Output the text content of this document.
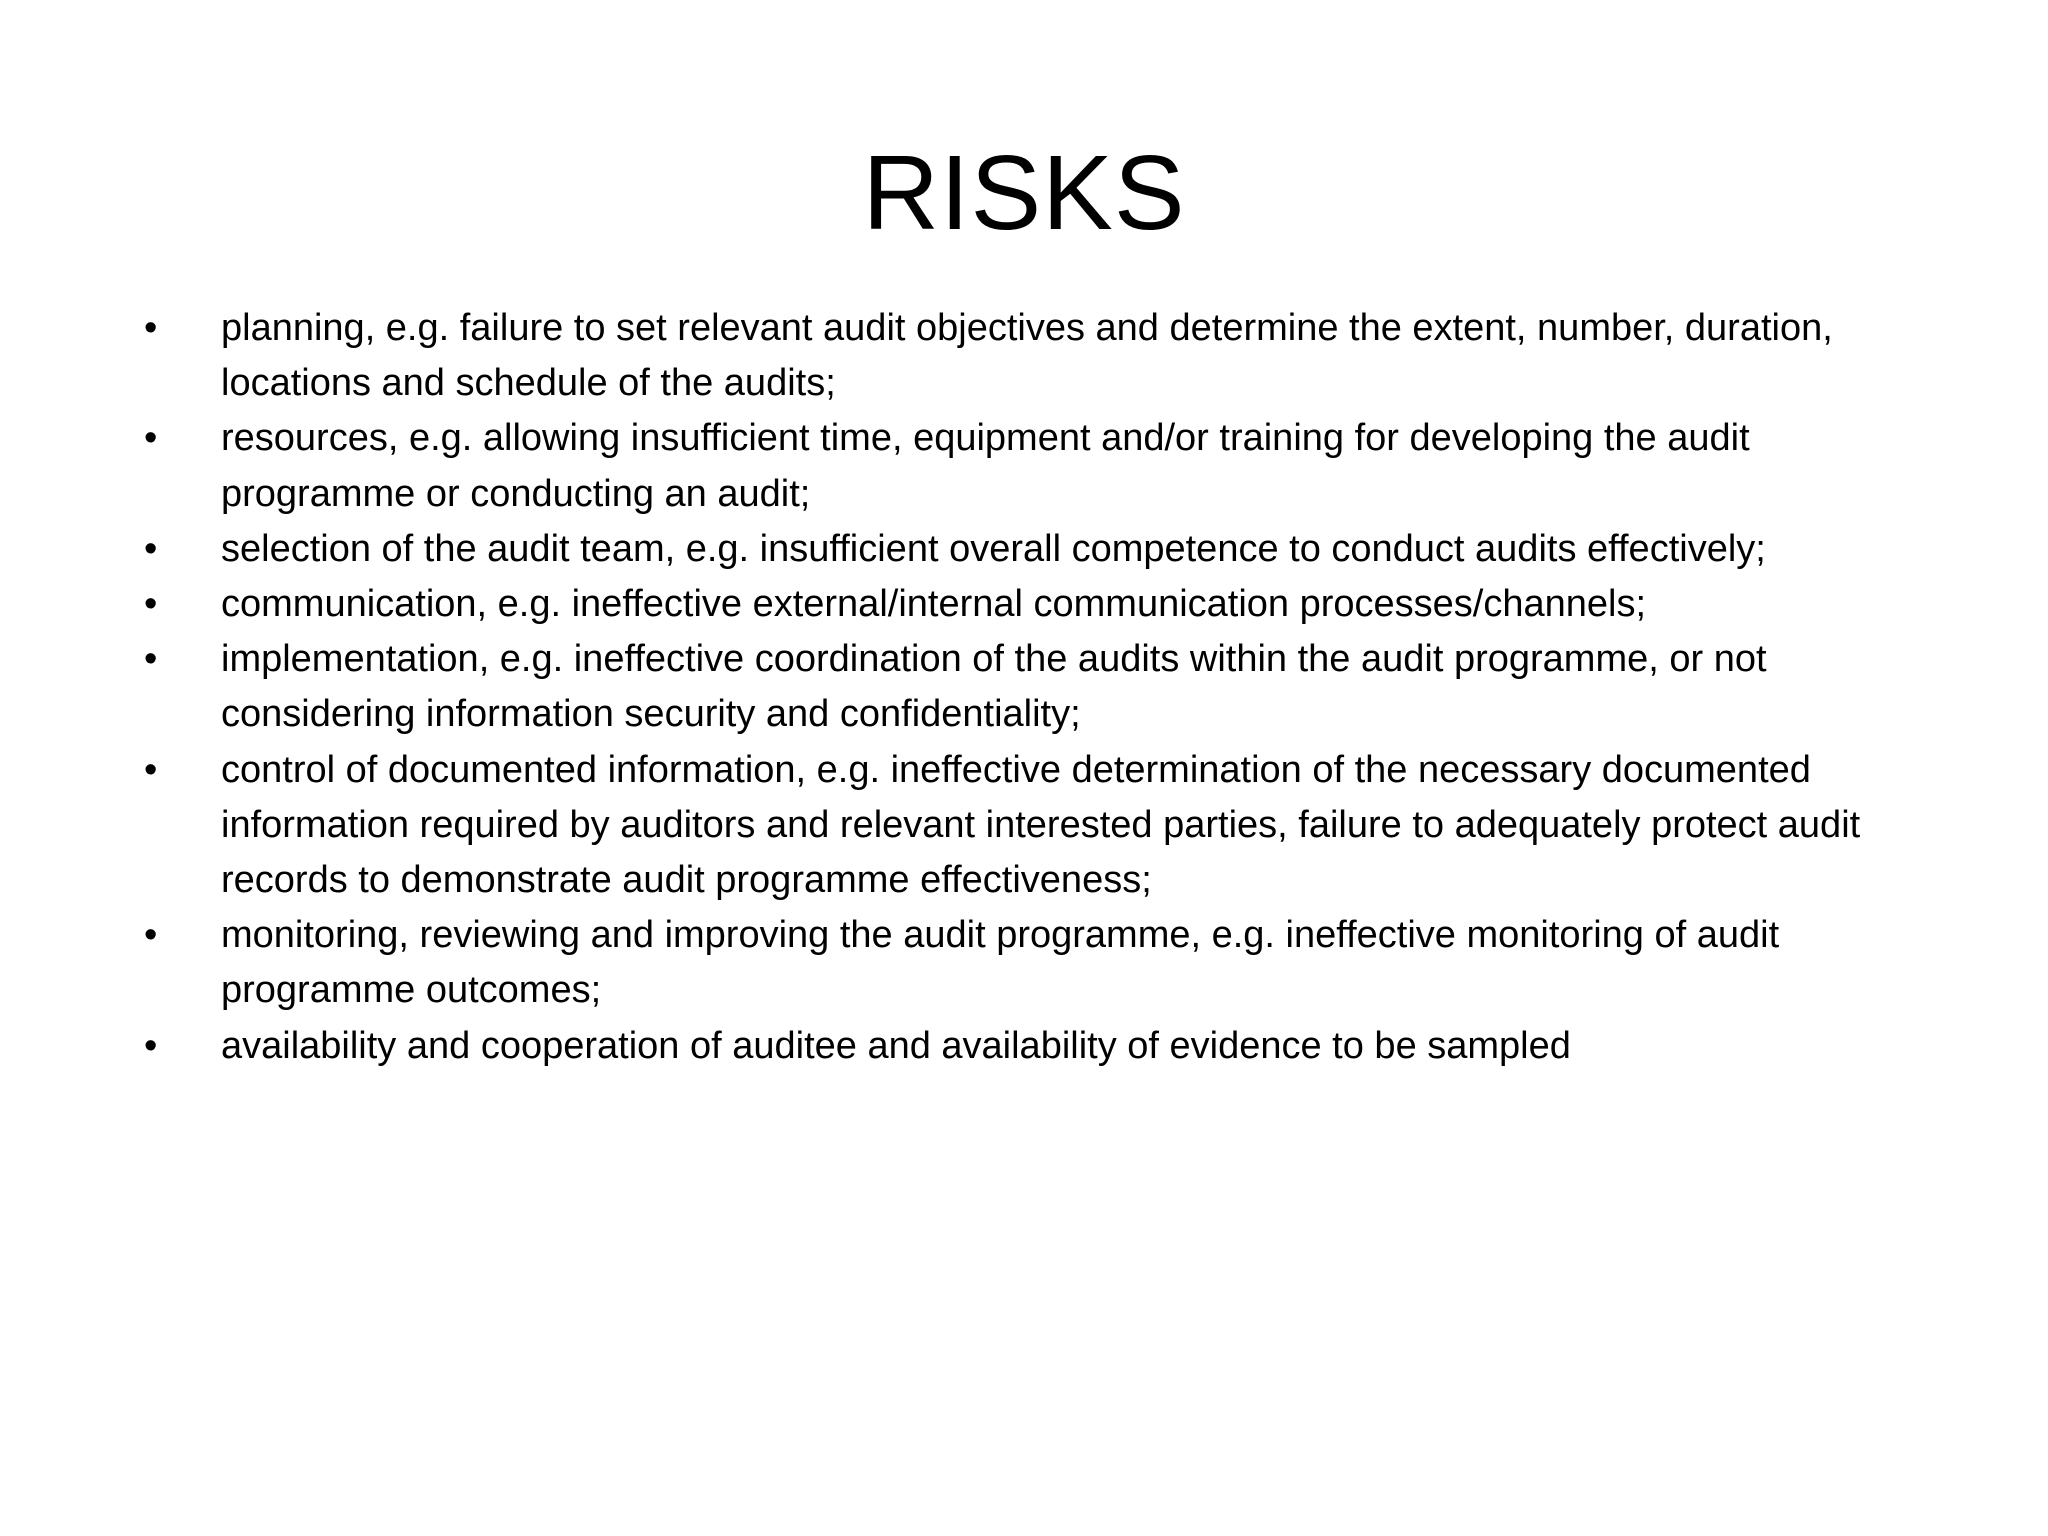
RISKS
•	planning, e.g. failure to set relevant audit objectives and determine the extent, number, duration, locations and schedule of the audits;
•	resources, e.g. allowing insufficient time, equipment and/or training for developing the audit programme or conducting an audit;
•	selection of the audit team, e.g. insufficient overall competence to conduct audits effectively;
•	communication, e.g. ineffective external/internal communication processes/channels;
•	implementation, e.g. ineffective coordination of the audits within the audit programme, or not considering information security and confidentiality;
•	control of documented information, e.g. ineffective determination of the necessary documented information required by auditors and relevant interested parties, failure to adequately protect audit records to demonstrate audit programme effectiveness;
•	monitoring, reviewing and improving the audit programme, e.g. ineffective monitoring of audit programme outcomes;
•	availability and cooperation of auditee and availability of evidence to be sampled
